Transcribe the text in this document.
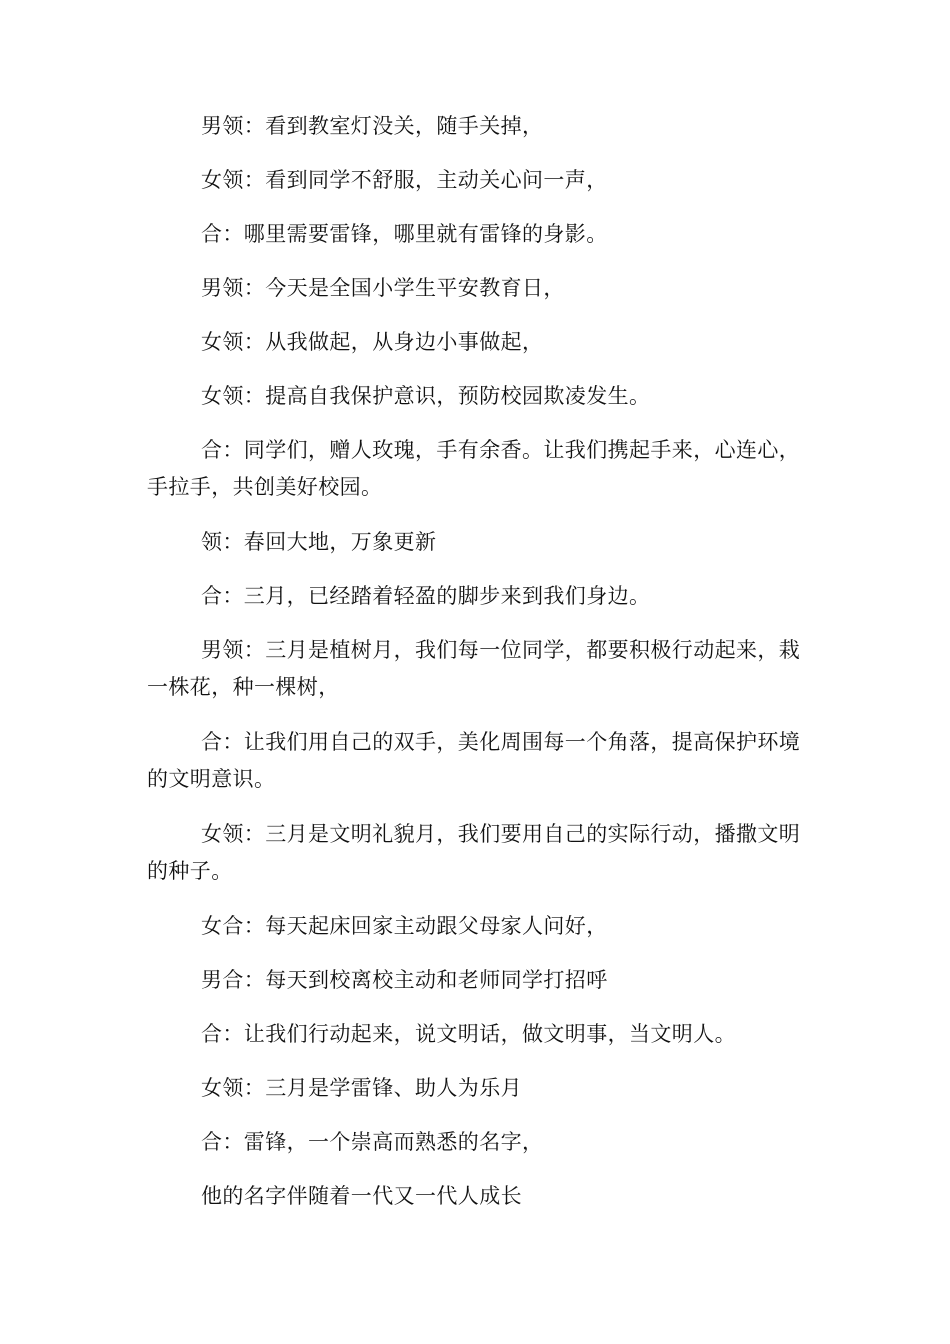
男领：看到教室灯没关，随手关掉，

女领：看到同学不舒服，主动关心问一声，

合：哪里需要雷锋，哪里就有雷锋的身影。

男领：今天是全国小学生平安教育日，

女领：从我做起，从身边小事做起，

女领：提高自我保护意识，预防校园欺凌发生。

合：同学们，赠人玫瑰，手有余香。让我们携起手来，心连心，手拉手，共创美好校园。

领：春回大地，万象更新

合：三月，已经踏着轻盈的脚步来到我们身边。

男领：三月是植树月，我们每一位同学，都要积极行动起来，栽一株花，种一棵树，

合：让我们用自己的双手，美化周围每一个角落，提高保护环境的文明意识。

女领：三月是文明礼貌月，我们要用自己的实际行动，播撒文明的种子。

女合：每天起床回家主动跟父母家人问好，

男合：每天到校离校主动和老师同学打招呼

合：让我们行动起来，说文明话，做文明事，当文明人。

女领：三月是学雷锋、助人为乐月

合：雷锋，一个崇高而熟悉的名字，

他的名字伴随着一代又一代人成长
